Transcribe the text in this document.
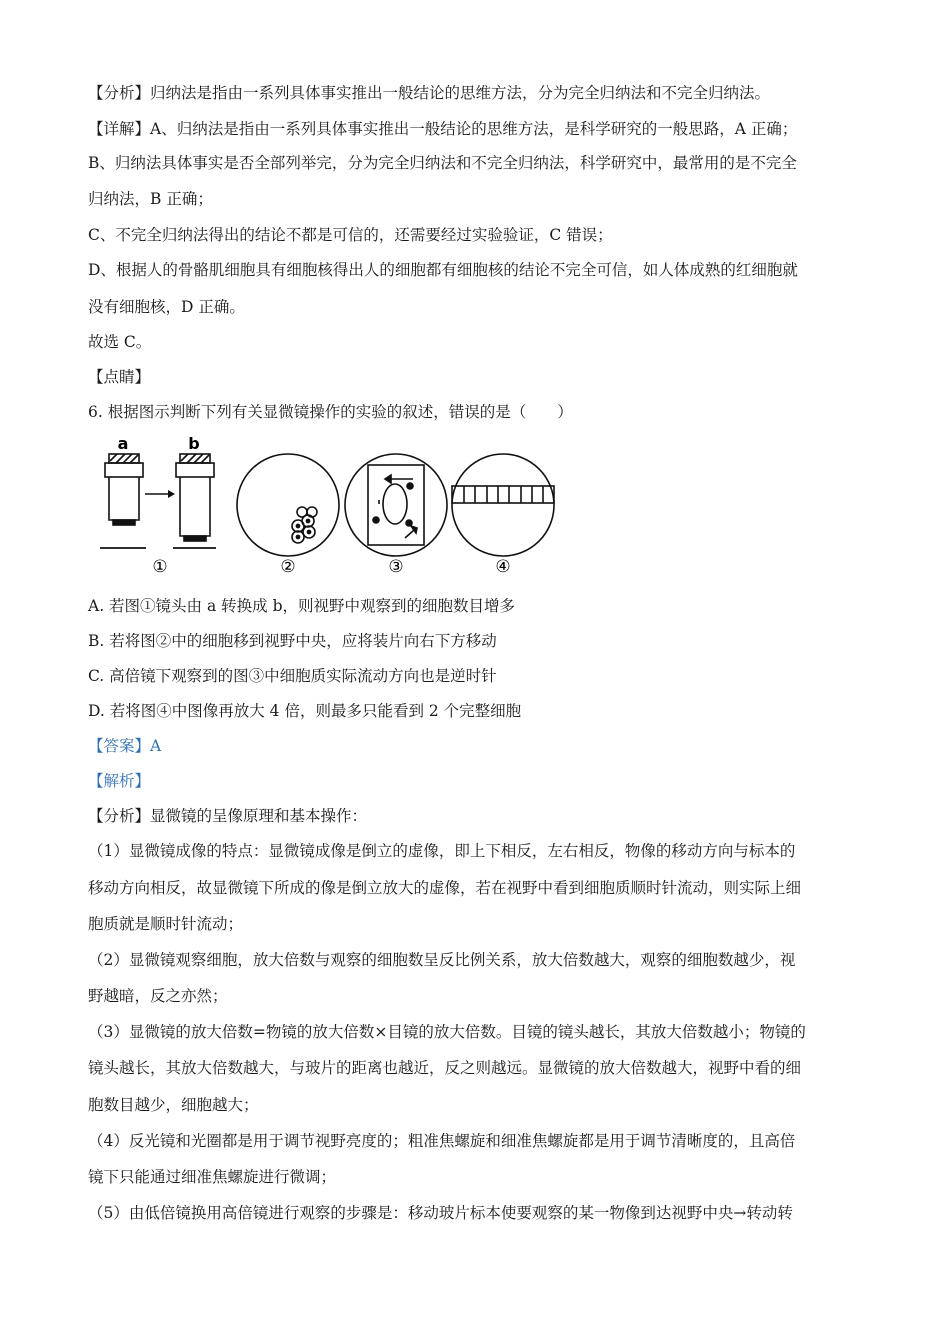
【分析】归纳法是指由一系列具体事实推出一般结论的思维方法，分为完全归纳法和不完全归纳法。
【详解】A、归纳法是指由一系列具体事实推出一般结论的思维方法，是科学研究的一般思路，A 正确；
B、归纳法具体事实是否全部列举完，分为完全归纳法和不完全归纳法，科学研究中，最常用的是不完全
归纳法，B 正确；
C、不完全归纳法得出的结论不都是可信的，还需要经过实验验证，C 错误；
D、根据人的骨骼肌细胞具有细胞核得出人的细胞都有细胞核的结论不完全可信，如人体成熟的红细胞就
没有细胞核，D 正确。
故选 C。
【点睛】
6. 根据图示判断下列有关显微镜操作的实验的叙述，错误的是（　　）
a	b
①	②	③	④
A. 若图①镜头由 a 转换成 b，则视野中观察到的细胞数目增多
B. 若将图②中的细胞移到视野中央，应将装片向右下方移动
C. 高倍镜下观察到的图③中细胞质实际流动方向也是逆时针
D. 若将图④中图像再放大 4 倍，则最多只能看到 2 个完整细胞
【答案】A
【解析】
【分析】显微镜的呈像原理和基本操作：
（1）显微镜成像的特点：显微镜成像是倒立的虚像，即上下相反，左右相反，物像的移动方向与标本的
移动方向相反，故显微镜下所成的像是倒立放大的虚像，若在视野中看到细胞质顺时针流动，则实际上细
胞质就是顺时针流动；
（2）显微镜观察细胞，放大倍数与观察的细胞数呈反比例关系，放大倍数越大，观察的细胞数越少，视
野越暗，反之亦然；
（3）显微镜的放大倍数=物镜的放大倍数×目镜的放大倍数。目镜的镜头越长，其放大倍数越小；物镜的
镜头越长，其放大倍数越大，与玻片的距离也越近，反之则越远。显微镜的放大倍数越大，视野中看的细
胞数目越少，细胞越大；
（4）反光镜和光圈都是用于调节视野亮度的；粗准焦螺旋和细准焦螺旋都是用于调节清晰度的，且高倍
镜下只能通过细准焦螺旋进行微调；
（5）由低倍镜换用高倍镜进行观察的步骤是：移动玻片标本使要观察的某一物像到达视野中央→转动转
